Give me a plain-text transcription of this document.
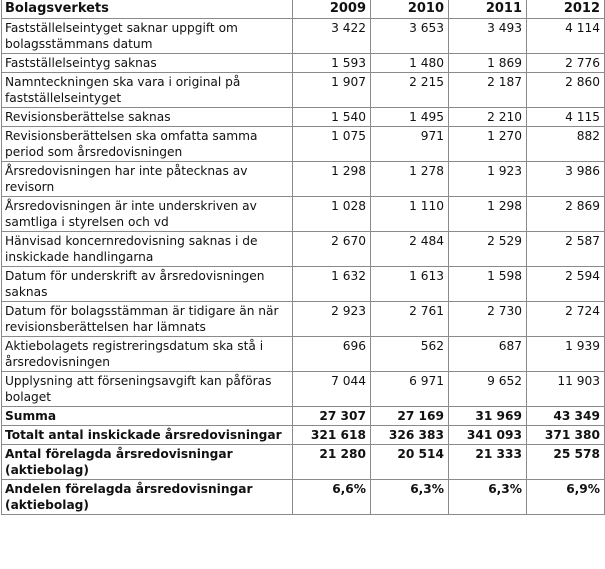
Bolagsverkets	2009	2010	2011	2012
Fastställelseintyget saknar uppgift om bolagsstämmans datum	3 422	3 653	3 493	4 114
Fastställelseintyg saknas	1 593	1 480	1 869	2 776
Namnteckningen ska vara i original på fastställelseintyget	1 907	2 215	2 187	2 860
Revisionsberättelse saknas	1 540	1 495	2 210	4 115
Revisionsberättelsen ska omfatta samma period som årsredovisningen	1 075	971	1 270	882
Årsredovisningen har inte påtecknas av revisorn	1 298	1 278	1 923	3 986
Årsredovisningen är inte underskriven av samtliga i styrelsen och vd	1 028	1 110	1 298	2 869
Hänvisad koncernredovisning saknas i de inskickade handlingarna	2 670	2 484	2 529	2 587
Datum för underskrift av årsredovisningen saknas	1 632	1 613	1 598	2 594
Datum för bolagsstämman är tidigare än när revisionsberättelsen har lämnats	2 923	2 761	2 730	2 724
Aktiebolagets registreringsdatum ska stå i årsredovisningen	696	562	687	1 939
Upplysning att förseningsavgift kan påföras bolaget	7 044	6 971	9 652	11 903
Summa	27 307	27 169	31 969	43 349
Totalt antal inskickade årsredovisningar	321 618	326 383	341 093	371 380
Antal förelagda årsredovisningar (aktiebolag)	21 280	20 514	21 333	25 578
Andelen förelagda årsredovisningar (aktiebolag)	6,6%	6,3%	6,3%	6,9%
